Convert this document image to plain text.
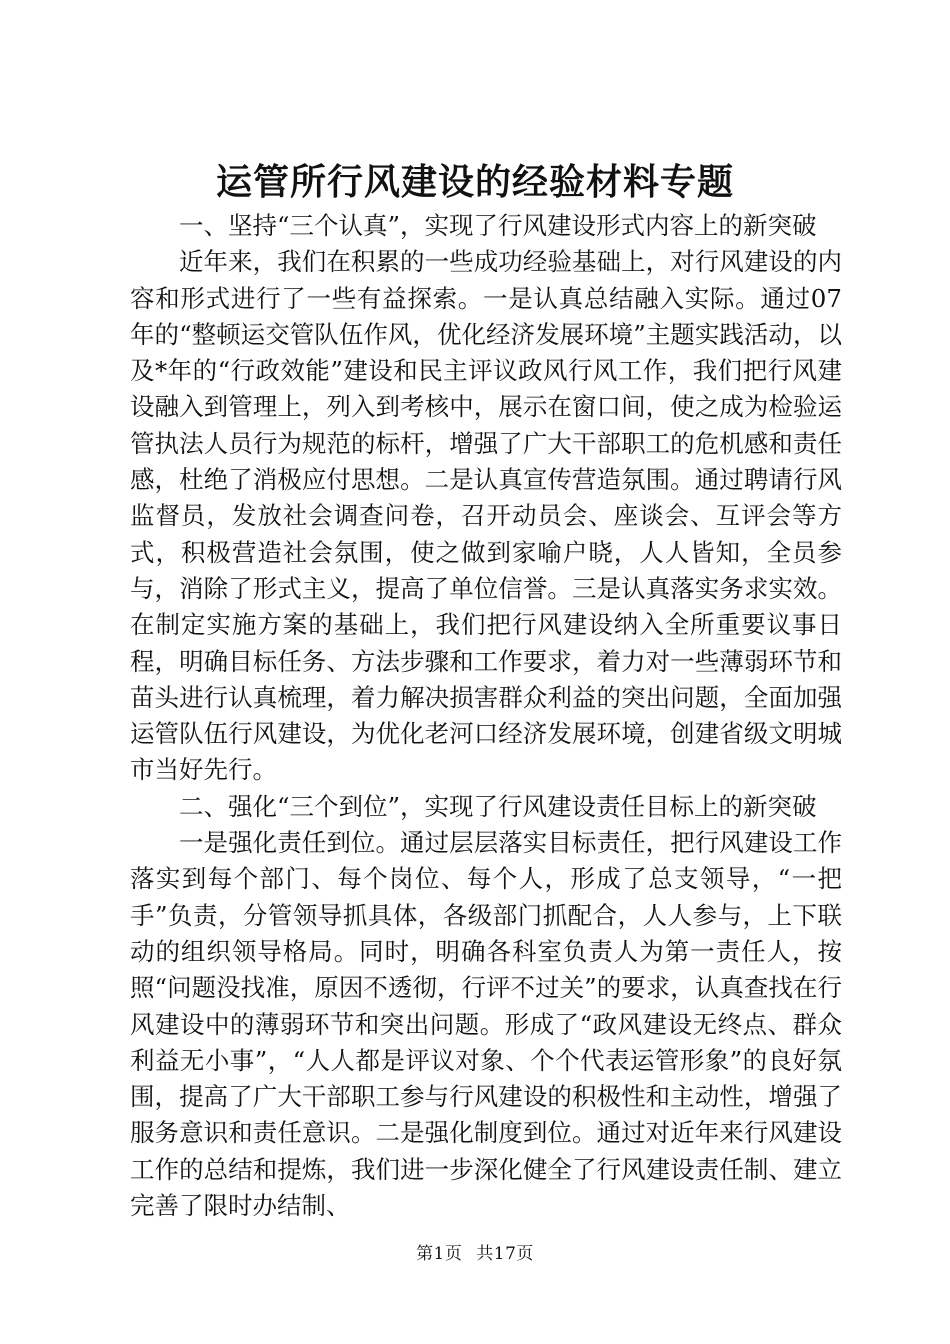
运管所行风建设的经验材料专题

一、坚持“三个认真”，实现了行风建设形式内容上的新突破

近年来，我们在积累的一些成功经验基础上，对行风建设的内容和形式进行了一些有益探索。一是认真总结融入实际。通过07年的“整顿运交管队伍作风，优化经济发展环境”主题实践活动，以及*年的“行政效能”建设和民主评议政风行风工作，我们把行风建设融入到管理上，列入到考核中，展示在窗口间，使之成为检验运管执法人员行为规范的标杆，增强了广大干部职工的危机感和责任感，杜绝了消极应付思想。二是认真宣传营造氛围。通过聘请行风监督员，发放社会调查问卷，召开动员会、座谈会、互评会等方式，积极营造社会氛围，使之做到家喻户晓，人人皆知，全员参与，消除了形式主义，提高了单位信誉。三是认真落实务求实效。在制定实施方案的基础上，我们把行风建设纳入全所重要议事日程，明确目标任务、方法步骤和工作要求，着力对一些薄弱环节和苗头进行认真梳理，着力解决损害群众利益的突出问题，全面加强运管队伍行风建设，为优化老河口经济发展环境，创建省级文明城市当好先行。

二、强化“三个到位”，实现了行风建设责任目标上的新突破

一是强化责任到位。通过层层落实目标责任，把行风建设工作落实到每个部门、每个岗位、每个人，形成了总支领导，“一把手”负责，分管领导抓具体，各级部门抓配合，人人参与，上下联动的组织领导格局。同时，明确各科室负责人为第一责任人，按照“问题没找准，原因不透彻，行评不过关”的要求，认真查找在行风建设中的薄弱环节和突出问题。形成了“政风建设无终点、群众利益无小事”，“人人都是评议对象、个个代表运管形象”的良好氛围，提高了广大干部职工参与行风建设的积极性和主动性，增强了服务意识和责任意识。二是强化制度到位。通过对近年来行风建设工作的总结和提炼，我们进一步深化健全了行风建设责任制、建立完善了限时办结制、

第1页 共17页
